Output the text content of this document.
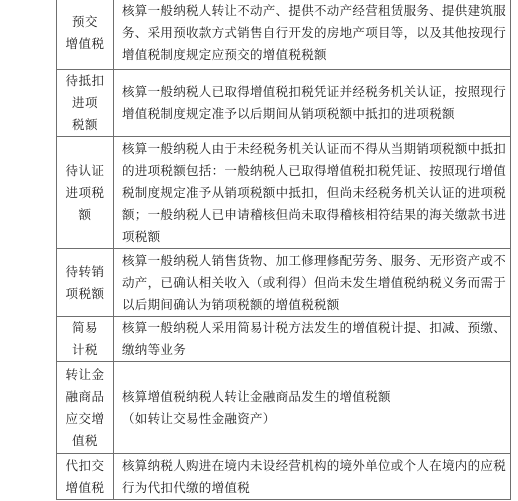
预交
增值税	核算一般纳税人转让不动产、提供不动产经营租赁服务、提供建筑服
务、采用预收款方式销售自行开发的房地产项目等，以及其他按现行
增值税制度规定应预交的增值税税额

待抵扣
进项
税额	核算一般纳税人已取得增值税扣税凭证并经税务机关认证，按照现行
增值税制度规定准予以后期间从销项税额中抵扣的进项税额

待认证
进项税
额	核算一般纳税人由于未经税务机关认证而不得从当期销项税额中抵扣
的进项税额包括：一般纳税人已取得增值税扣税凭证、按照现行增值
税制度规定准予从销项税额中抵扣，但尚未经税务机关认证的进项税
额；一般纳税人已申请稽核但尚未取得稽核相符结果的海关缴款书进
项税额

待转销
项税额	核算一般纳税人销售货物、加工修理修配劳务、服务、无形资产或不
动产，已确认相关收入（或利得）但尚未发生增值税纳税义务而需于
以后期间确认为销项税额的增值税税额

简易
计税	核算一般纳税人采用简易计税方法发生的增值税计提、扣减、预缴、
缴纳等业务

转让金
融商品
应交增
值税	核算增值税纳税人转让金融商品发生的增值税额
（如转让交易性金融资产）

代扣交
增值税	核算纳税人购进在境内未设经营机构的境外单位或个人在境内的应税
行为代扣代缴的增值税
